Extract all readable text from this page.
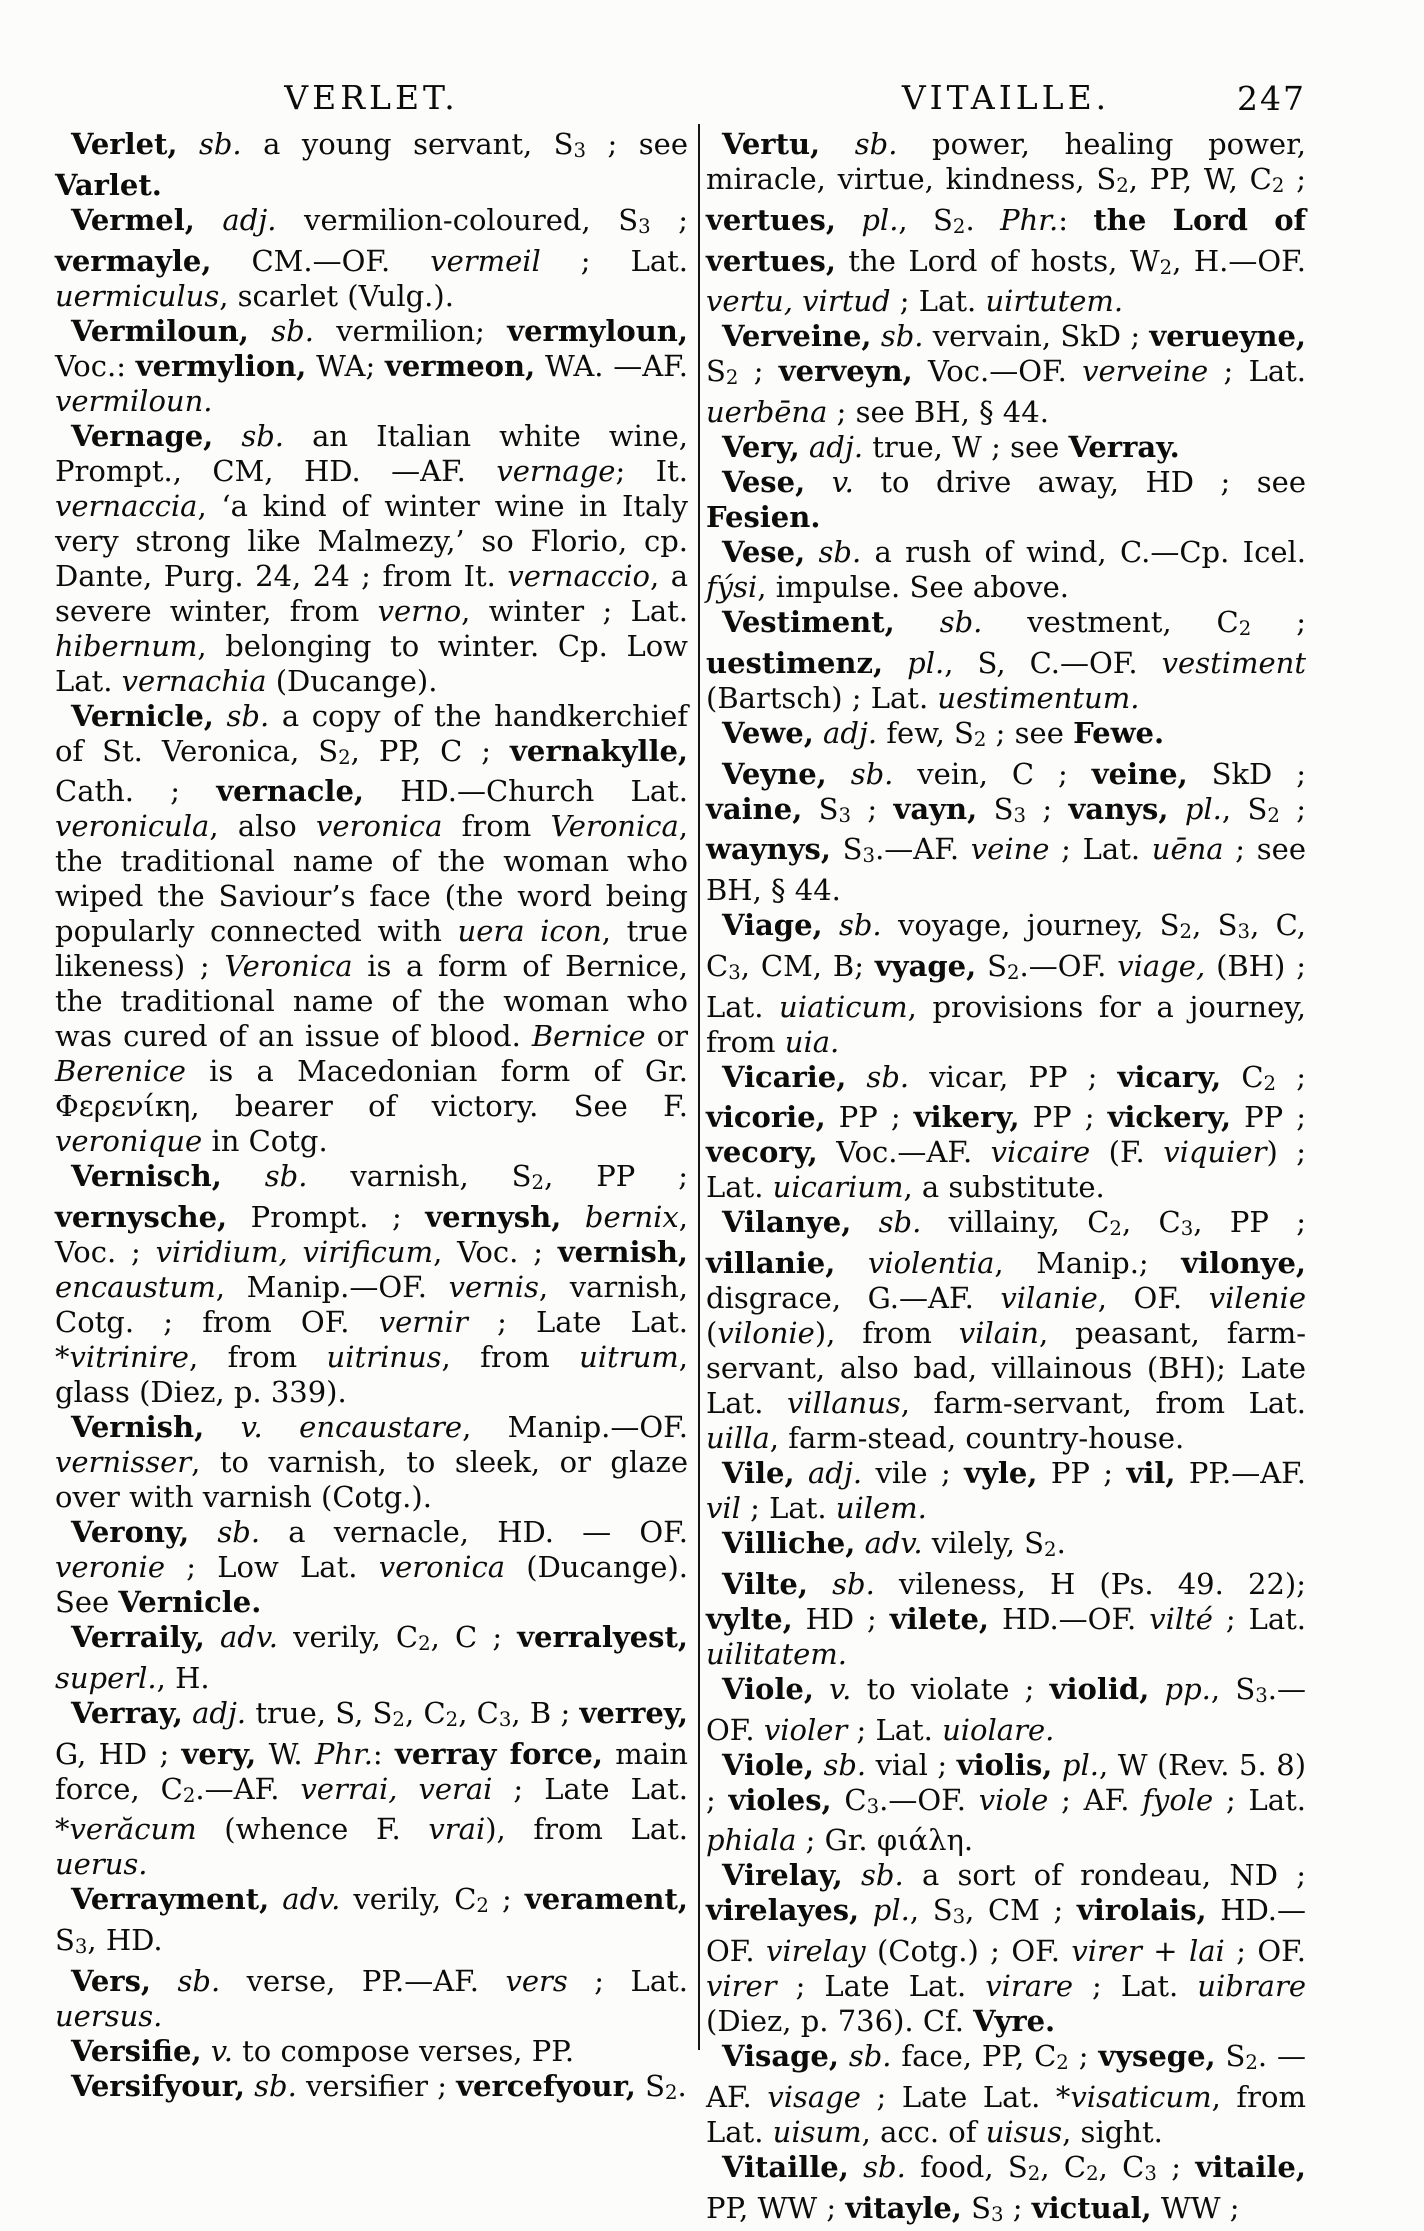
VERLET.	VITAILLE.	247

Verlet, sb. a young servant, S3 ; see Varlet.

Vermel, adj. vermilion-coloured, S3 ; vermayle, CM.—OF. vermeil ; Lat. uermiculus, scarlet (Vulg.).

Vermiloun, sb. vermilion; vermyloun, Voc.: vermylion, WA; vermeon, WA. —AF. vermiloun.

Vernage, sb. an Italian white wine, Prompt., CM, HD. —AF. vernage; It. vernaccia, ‘a kind of winter wine in Italy very strong like Malmezy,’ so Florio, cp. Dante, Purg. 24, 24 ; from It. vernaccio, a severe winter, from verno, winter ; Lat. hibernum, belonging to winter. Cp. Low Lat. vernachia (Ducange).

Vernicle, sb. a copy of the handkerchief of St. Veronica, S2, PP, C ; vernakylle, Cath. ; vernacle, HD.—Church Lat. veronicula, also veronica from Veronica, the traditional name of the woman who wiped the Saviour’s face (the word being popularly connected with uera icon, true likeness) ; Veronica is a form of Bernice, the traditional name of the woman who was cured of an issue of blood. Bernice or Berenice is a Macedonian form of Gr. Φερενίκη, bearer of victory. See F. veronique in Cotg.

Vernisch, sb. varnish, S2, PP ; vernysche, Prompt. ; vernysh, bernix, Voc. ; viridium, virificum, Voc. ; vernish, encaustum, Manip.—OF. vernis, varnish, Cotg. ; from OF. vernir ; Late Lat. *vitrinire, from uitrinus, from uitrum, glass (Diez, p. 339).

Vernish, v. encaustare, Manip.—OF. vernisser, to varnish, to sleek, or glaze over with varnish (Cotg.).

Verony, sb. a vernacle, HD. — OF. veronie ; Low Lat. veronica (Ducange). See Vernicle.

Verraily, adv. verily, C2, C ; verralyest, superl., H.

Verray, adj. true, S, S2, C2, C3, B ; verrey, G, HD ; very, W. Phr.: verray force, main force, C2.—AF. verrai, verai ; Late Lat. *verăcum (whence F. vrai), from Lat. uerus.

Verrayment, adv. verily, C2 ; verament, S3, HD.

Vers, sb. verse, PP.—AF. vers ; Lat. uersus.

Versifie, v. to compose verses, PP.

Versifyour, sb. versifier ; vercefyour, S2.

Vertu, sb. power, healing power, miracle, virtue, kindness, S2, PP, W, C2 ; vertues, pl., S2. Phr.: the Lord of vertues, the Lord of hosts, W2, H.—OF. vertu, virtud ; Lat. uirtutem.

Verveine, sb. vervain, SkD ; verueyne, S2 ; verveyn, Voc.—OF. verveine ; Lat. uerbēna ; see BH, § 44.

Very, adj. true, W ; see Verray.

Vese, v. to drive away, HD ; see Fesien.

Vese, sb. a rush of wind, C.—Cp. Icel. fýsi, impulse. See above.

Vestiment, sb. vestment, C2 ; uestimenz, pl., S, C.—OF. vestiment (Bartsch) ; Lat. uestimentum.

Vewe, adj. few, S2 ; see Fewe.

Veyne, sb. vein, C ; veine, SkD ; vaine, S3 ; vayn, S3 ; vanys, pl., S2 ; waynys, S3.—AF. veine ; Lat. uēna ; see BH, § 44.

Viage, sb. voyage, journey, S2, S3, C, C3, CM, B; vyage, S2.—OF. viage, (BH) ; Lat. uiaticum, provisions for a journey, from uia.

Vicarie, sb. vicar, PP ; vicary, C2 ; vicorie, PP ; vikery, PP ; vickery, PP ; vecory, Voc.—AF. vicaire (F. viquier) ; Lat. uicarium, a substitute.

Vilanye, sb. villainy, C2, C3, PP ; villanie, violentia, Manip.; vilonye, disgrace, G.—AF. vilanie, OF. vilenie (vilonie), from vilain, peasant, farm-servant, also bad, villainous (BH); Late Lat. villanus, farm-servant, from Lat. uilla, farm-stead, country-house.

Vile, adj. vile ; vyle, PP ; vil, PP.—AF. vil ; Lat. uilem.

Villiche, adv. vilely, S2.

Vilte, sb. vileness, H (Ps. 49. 22); vylte, HD ; vilete, HD.—OF. vilté ; Lat. uilitatem.

Viole, v. to violate ; violid, pp., S3.—OF. violer ; Lat. uiolare.

Viole, sb. vial ; violis, pl., W (Rev. 5. 8) ; violes, C3.—OF. viole ; AF. fyole ; Lat. phiala ; Gr. φιάλη.

Virelay, sb. a sort of rondeau, ND ; virelayes, pl., S3, CM ; virolais, HD.—OF. virelay (Cotg.) ; OF. virer + lai ; OF. virer ; Late Lat. virare ; Lat. uibrare (Diez, p. 736). Cf. Vyre.

Visage, sb. face, PP, C2 ; vysege, S2. —AF. visage ; Late Lat. *visaticum, from Lat. uisum, acc. of uisus, sight.

Vitaille, sb. food, S2, C2, C3 ; vitaile, PP, WW ; vitayle, S3 ; victual, WW ;
